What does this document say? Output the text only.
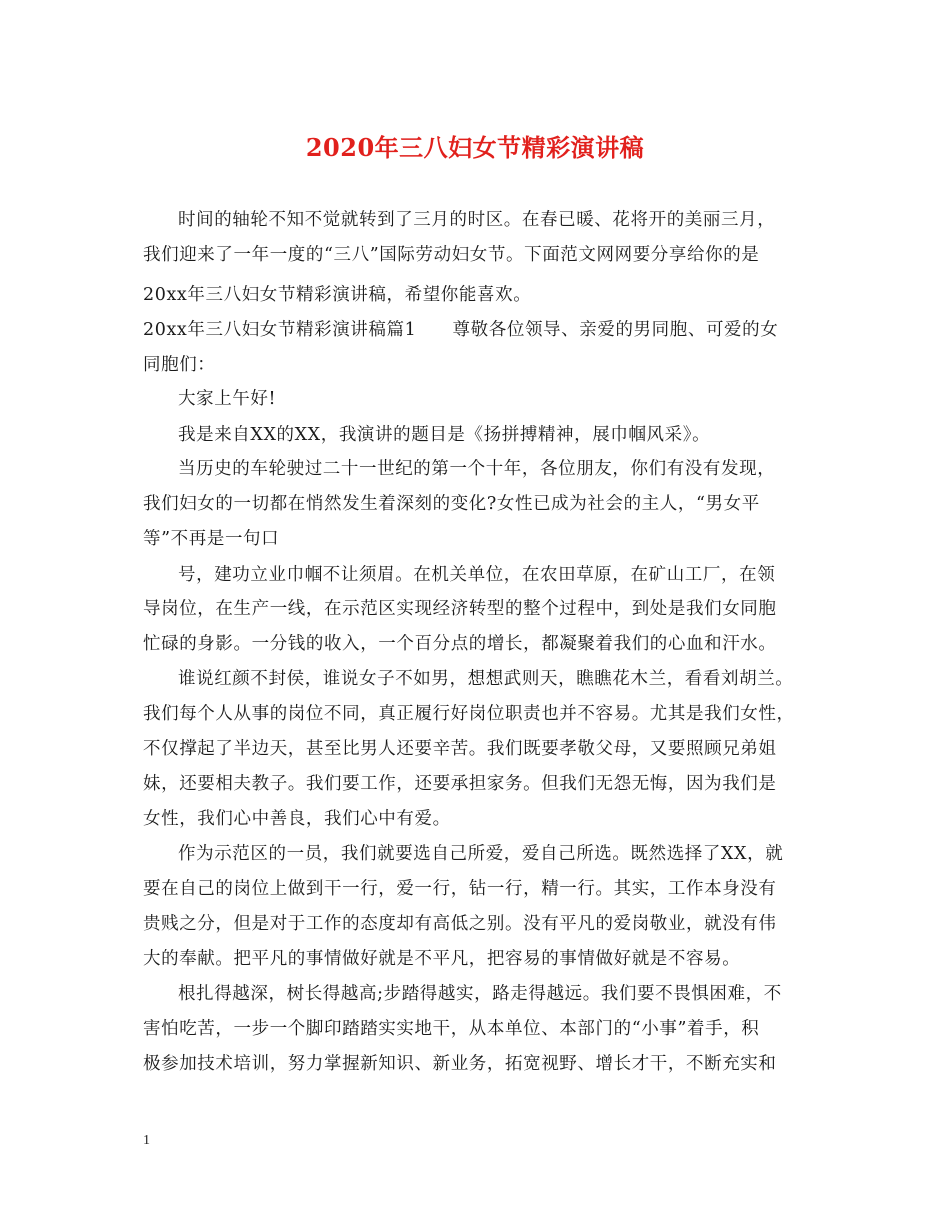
2020年三八妇女节精彩演讲稿
时间的轴轮不知不觉就转到了三月的时区。在春已暖、花将开的美丽三月，
我们迎来了一年一度的“三八”国际劳动妇女节。下面范文网网要分享给你的是
20xx年三八妇女节精彩演讲稿，希望你能喜欢。
20xx年三八妇女节精彩演讲稿篇1　　尊敬各位领导、亲爱的男同胞、可爱的女
同胞们：
大家上午好!
我是来自XX的XX，我演讲的题目是《扬拼搏精神，展巾帼风采》。
当历史的车轮驶过二十一世纪的第一个十年，各位朋友，你们有没有发现，
我们妇女的一切都在悄然发生着深刻的变化?女性已成为社会的主人，“男女平
等”不再是一句口
号，建功立业巾帼不让须眉。在机关单位，在农田草原，在矿山工厂，在领
导岗位，在生产一线，在示范区实现经济转型的整个过程中，到处是我们女同胞
忙碌的身影。一分钱的收入，一个百分点的增长，都凝聚着我们的心血和汗水。
谁说红颜不封侯，谁说女子不如男，想想武则天，瞧瞧花木兰，看看刘胡兰。
我们每个人从事的岗位不同，真正履行好岗位职责也并不容易。尤其是我们女性，
不仅撑起了半边天，甚至比男人还要辛苦。我们既要孝敬父母，又要照顾兄弟姐
妹，还要相夫教子。我们要工作，还要承担家务。但我们无怨无悔，因为我们是
女性，我们心中善良，我们心中有爱。
作为示范区的一员，我们就要选自己所爱，爱自己所选。既然选择了XX，就
要在自己的岗位上做到干一行，爱一行，钻一行，精一行。其实，工作本身没有
贵贱之分，但是对于工作的态度却有高低之别。没有平凡的爱岗敬业，就没有伟
大的奉献。把平凡的事情做好就是不平凡，把容易的事情做好就是不容易。
根扎得越深，树长得越高;步踏得越实，路走得越远。我们要不畏惧困难，不
害怕吃苦，一步一个脚印踏踏实实地干，从本单位、本部门的“小事”着手，积
极参加技术培训，努力掌握新知识、新业务，拓宽视野、增长才干，不断充实和
1
